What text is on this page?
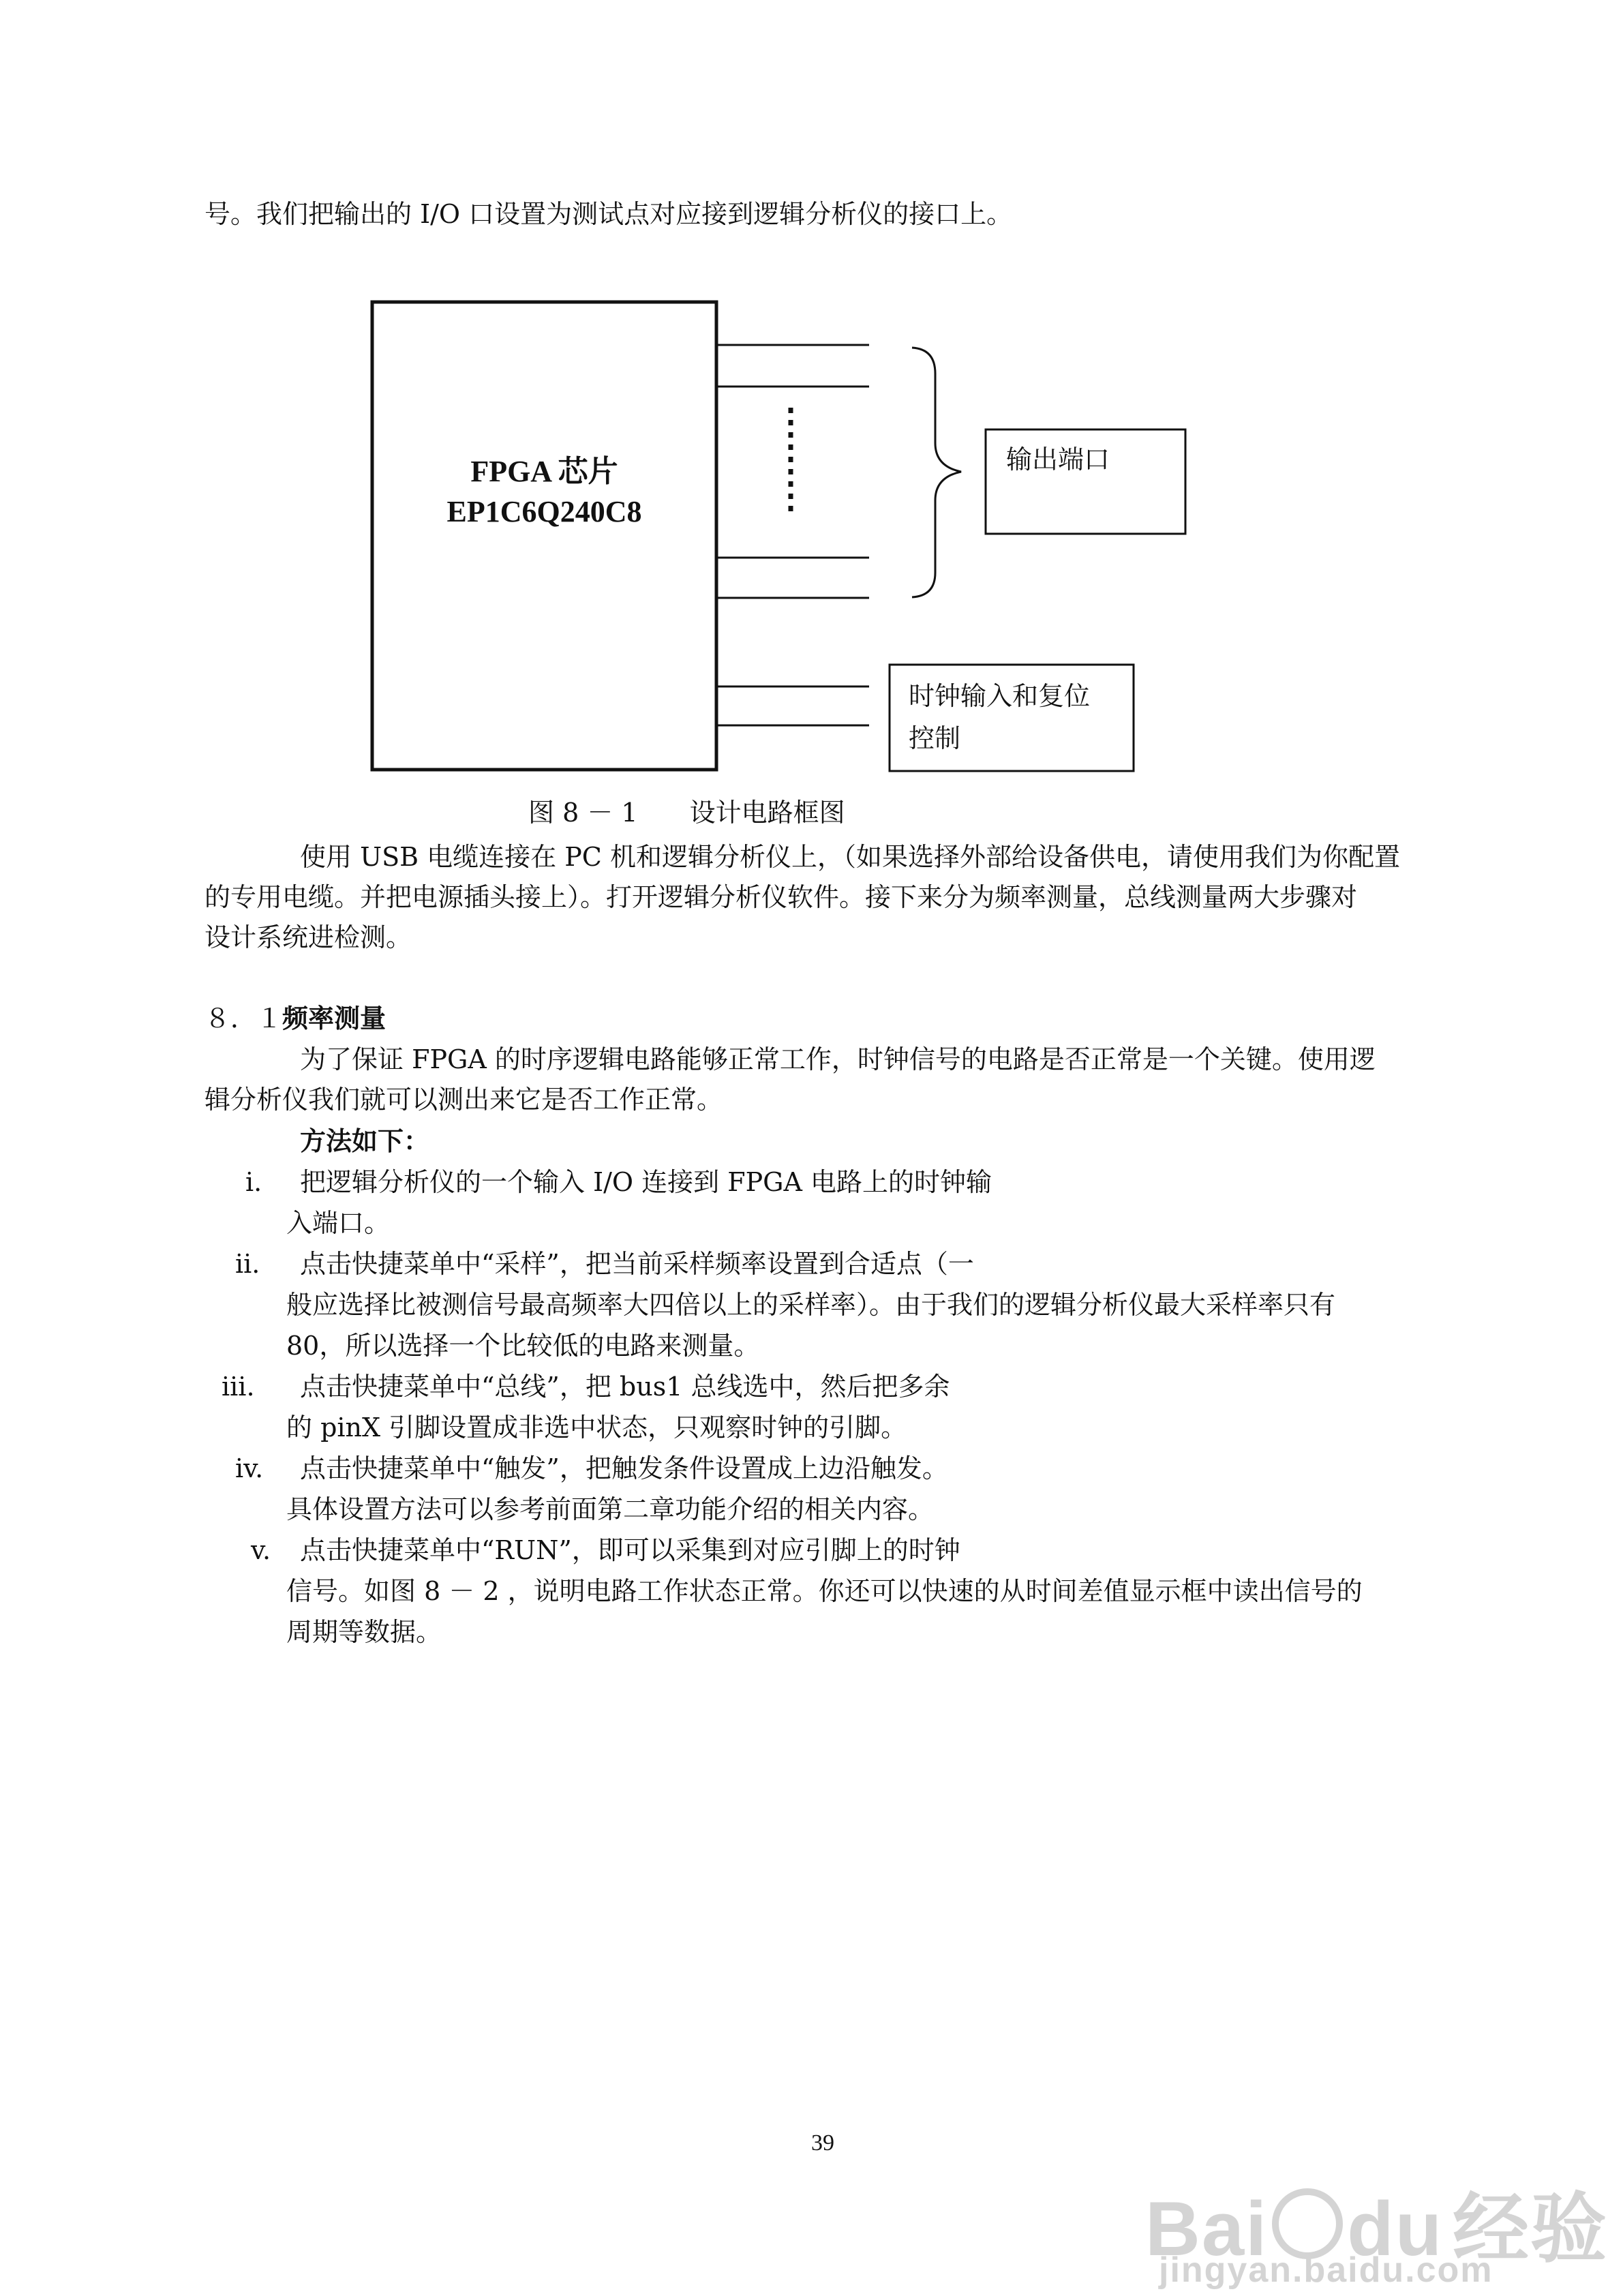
号。我们把输出的 I/O 口设置为测试点对应接到逻辑分析仪的接口上。
FPGA 芯片
EP1C6Q240C8
输出端口
时钟输入和复位
控制
图 8 － 1　　设计电路框图
使用 USB 电缆连接在 PC 机和逻辑分析仪上，（如果选择外部给设备供电，请使用我们为你配置
的专用电缆。并把电源插头接上）。打开逻辑分析仪软件。接下来分为频率测量，总线测量两大步骤对
设计系统进检测。
８．１频率测量
为了保证 FPGA 的时序逻辑电路能够正常工作，时钟信号的电路是否正常是一个关键。使用逻
辑分析仪我们就可以测出来它是否工作正常。
方法如下：
i. 把逻辑分析仪的一个输入 I/O 连接到 FPGA 电路上的时钟输
入端口。
ii. 点击快捷菜单中“采样”，把当前采样频率设置到合适点（一
般应选择比被测信号最高频率大四倍以上的采样率）。由于我们的逻辑分析仪最大采样率只有
80，所以选择一个比较低的电路来测量。
iii. 点击快捷菜单中“总线”，把 bus1 总线选中，然后把多余
的 pinX 引脚设置成非选中状态，只观察时钟的引脚。
iv. 点击快捷菜单中“触发”，把触发条件设置成上边沿触发。
具体设置方法可以参考前面第二章功能介绍的相关内容。
v. 点击快捷菜单中“RUN”，即可以采集到对应引脚上的时钟
信号。如图 8 － 2 ，说明电路工作状态正常。你还可以快速的从时间差值显示框中读出信号的
周期等数据。
39
Bai du 经验
jingyan.baidu.com
